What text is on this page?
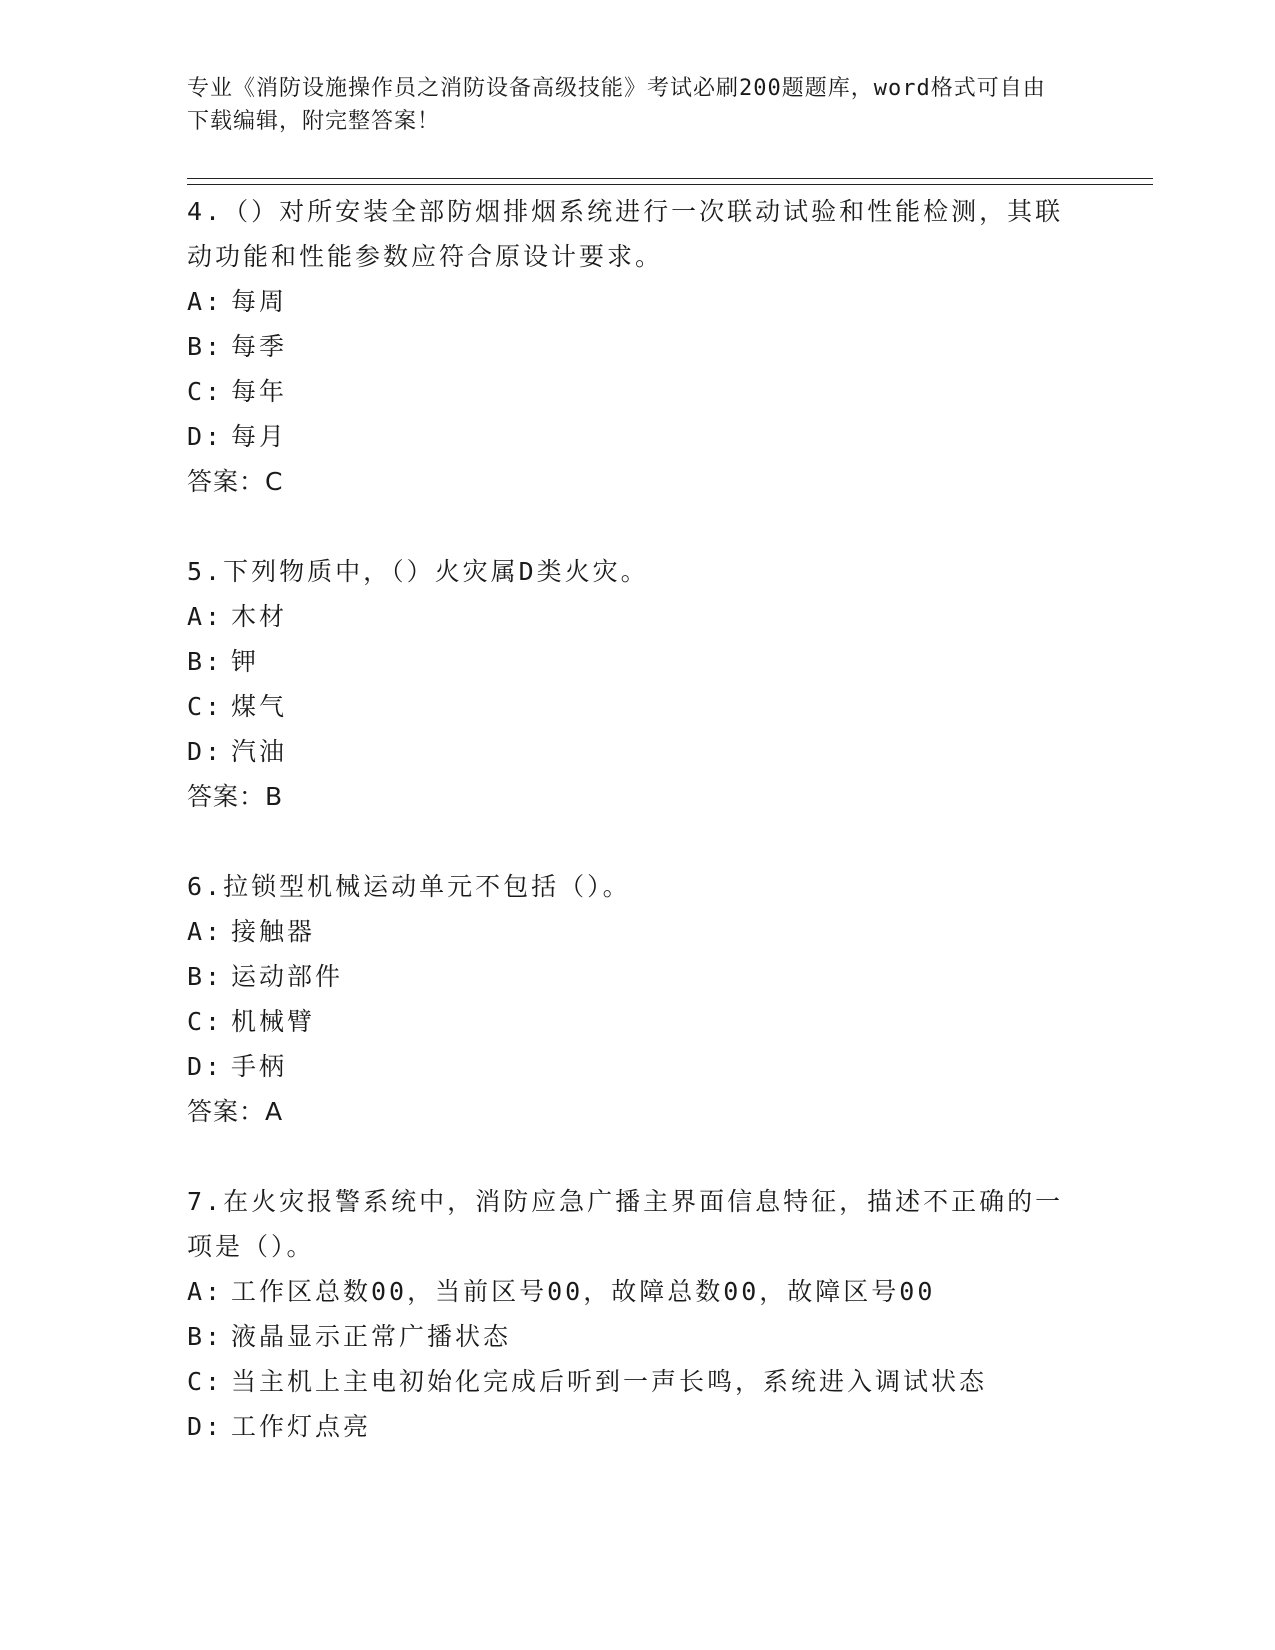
专业《消防设施操作员之消防设备高级技能》考试必刷200题题库，word格式可自由下载编辑，附完整答案！
4.（）对所安装全部防烟排烟系统进行一次联动试验和性能检测，其联动功能和性能参数应符合原设计要求。
A: 每周
B: 每季
C: 每年
D: 每月
答案：C
5.下列物质中，（）火灾属D类火灾。
A: 木材
B: 钾
C: 煤气
D: 汽油
答案：B
6.拉锁型机械运动单元不包括（）。
A: 接触器
B: 运动部件
C: 机械臂
D: 手柄
答案：A
7.在火灾报警系统中，消防应急广播主界面信息特征，描述不正确的一项是（）。
A: 工作区总数00，当前区号00，故障总数00，故障区号00
B: 液晶显示正常广播状态
C: 当主机上主电初始化完成后听到一声长鸣，系统进入调试状态
D: 工作灯点亮
